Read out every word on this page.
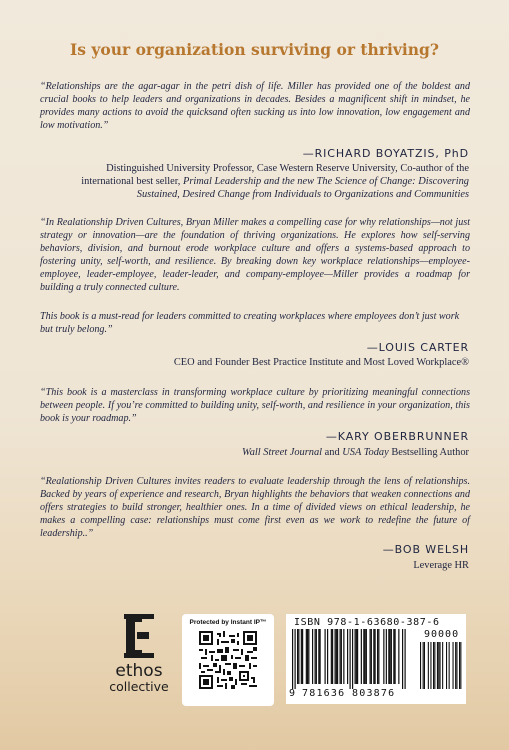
Is your organization surviving or thriving?

“Relationships are the agar-agar in the petri dish of life. Miller has provided one of the boldest and crucial books to help leaders and organizations in decades. Besides a magnificent shift in mindset, he provides many actions to avoid the quicksand often sucking us into low innovation, low engagement and low motivation.”

—RICHARD BOYATZIS, PhD
Distinguished University Professor, Case Western Reserve University, Co-author of the
international best seller, Primal Leadership and the new The Science of Change: Discovering
Sustained, Desired Change from Individuals to Organizations and Communities

“In Realationship Driven Cultures, Bryan Miller makes a compelling case for why relationships—not just strategy or innovation—are the foundation of thriving organizations. He explores how self-serving behaviors, division, and burnout erode workplace culture and offers a systems-based approach to fostering unity, self-worth, and resilience. By breaking down key workplace relationships—employee-employee, leader-employee, leader-leader, and company-employee—Miller provides a roadmap for building a truly connected culture.

This book is a must-read for leaders committed to creating workplaces where employees don’t just work but truly belong.”

—LOUIS CARTER
CEO and Founder Best Practice Institute and Most Loved Workplace®

“This book is a masterclass in transforming workplace culture by prioritizing meaningful connections between people. If you’re committed to building unity, self-worth, and resilience in your organization, this book is your roadmap.”

—KARY OBERBRUNNER
Wall Street Journal and USA Today Bestselling Author

“Realationship Driven Cultures invites readers to evaluate leadership through the lens of relationships. Backed by years of experience and research, Bryan highlights the behaviors that weaken connections and offers strategies to build stronger, healthier ones. In a time of divided views on ethical leadership, he makes a compelling case: relationships must come first even as we work to redefine the future of leadership..”

—BOB WELSH
Leverage HR
ethos
collective
Protected by Instant IP™	ISBN 978-1-63680-387-6
90000
9 781636 803876
